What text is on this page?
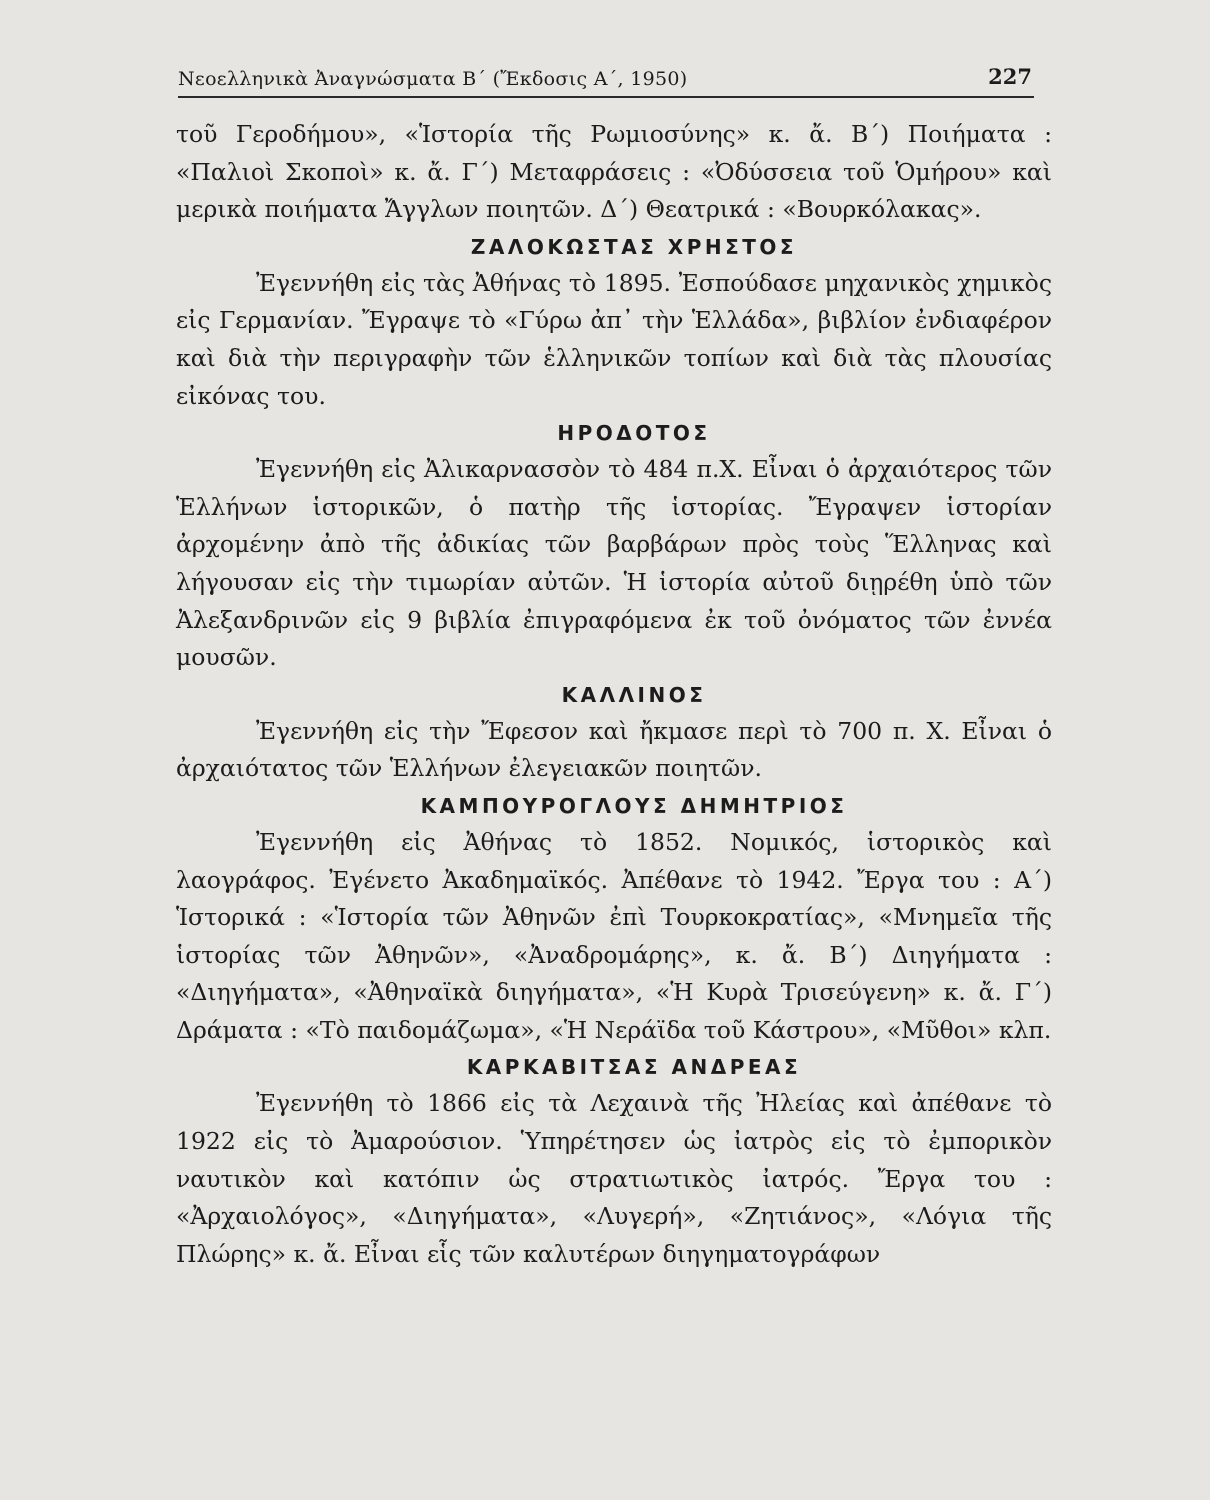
Νεοελληνικὰ Ἀναγνώσματα Β´ (Ἔκδοσις Α´, 1950)	227

τοῦ Γεροδήμου», «Ἱστορία τῆς Ρωμιοσύνης» κ. ἄ. Β´) Ποιήματα : «Παλιοὶ Σκοποὶ» κ. ἄ. Γ´) Μεταφράσεις : «Ὀδύσσεια τοῦ Ὁμήρου» καὶ μερικὰ ποιήματα Ἄγγλων ποιητῶν. Δ´) Θεατρικά : «Βουρκόλακας».

ΖΑΛΟΚΩΣΤΑΣ ΧΡΗΣΤΟΣ

Ἐγεννήθη εἰς τὰς Ἀθήνας τὸ 1895. Ἐσπούδασε μηχανικὸς χημικὸς εἰς Γερμανίαν. Ἔγραψε τὸ «Γύρω ἀπ᾽ τὴν Ἑλλάδα», βιβλίον ἐνδιαφέρον καὶ διὰ τὴν περιγραφὴν τῶν ἑλληνικῶν τοπίων καὶ διὰ τὰς πλουσίας εἰκόνας του.

ΗΡΟΔΟΤΟΣ

Ἐγεννήθη εἰς Ἀλικαρνασσὸν τὸ 484 π.Χ. Εἶναι ὁ ἀρχαιότερος τῶν Ἑλλήνων ἱστορικῶν, ὁ πατὴρ τῆς ἱστορίας. Ἔγραψεν ἱστορίαν ἀρχομένην ἀπὸ τῆς ἀδικίας τῶν βαρβάρων πρὸς τοὺς Ἕλληνας καὶ λήγουσαν εἰς τὴν τιμωρίαν αὐτῶν. Ἡ ἱστορία αὐτοῦ διῃρέθη ὑπὸ τῶν Ἀλεξανδρινῶν εἰς 9 βιβλία ἐπιγραφόμενα ἐκ τοῦ ὀνόματος τῶν ἐννέα μουσῶν.

ΚΑΛΛΙΝΟΣ

Ἐγεννήθη εἰς τὴν Ἔφεσον καὶ ἤκμασε περὶ τὸ 700 π. Χ. Εἶναι ὁ ἀρχαιότατος τῶν Ἑλλήνων ἐλεγειακῶν ποιητῶν.

ΚΑΜΠΟΥΡΟΓΛΟΥΣ ΔΗΜΗΤΡΙΟΣ

Ἐγεννήθη εἰς Ἀθήνας τὸ 1852. Νομικός, ἱστορικὸς καὶ λαογράφος. Ἐγένετο Ἀκαδημαϊκός. Ἀπέθανε τὸ 1942. Ἔργα του : Α´) Ἱστορικά : «Ἱστορία τῶν Ἀθηνῶν ἐπὶ Τουρκοκρατίας», «Μνημεῖα τῆς ἱστορίας τῶν Ἀθηνῶν», «Ἀναδρομάρης», κ. ἄ. Β´) Διηγήματα : «Διηγήματα», «Ἀθηναϊκὰ διηγήματα», «Ἡ Κυρὰ Τρισεύγενη» κ. ἄ. Γ´) Δράματα : «Τὸ παιδομάζωμα», «Ἡ Νεράϊδα τοῦ Κάστρου», «Μῦθοι» κλπ.

ΚΑΡΚΑΒΙΤΣΑΣ ΑΝΔΡΕΑΣ

Ἐγεννήθη τὸ 1866 εἰς τὰ Λεχαινὰ τῆς Ἠλείας καὶ ἀπέθανε τὸ 1922 εἰς τὸ Ἀμαρούσιον. Ὑπηρέτησεν ὡς ἰατρὸς εἰς τὸ ἐμπορικὸν ναυτικὸν καὶ κατόπιν ὡς στρατιωτικὸς ἰατρός. Ἔργα του : «Ἀρχαιολόγος», «Διηγήματα», «Λυγερή», «Ζητιάνος», «Λόγια τῆς Πλώρης» κ. ἄ. Εἶναι εἷς τῶν καλυτέρων διηγηματογράφων
